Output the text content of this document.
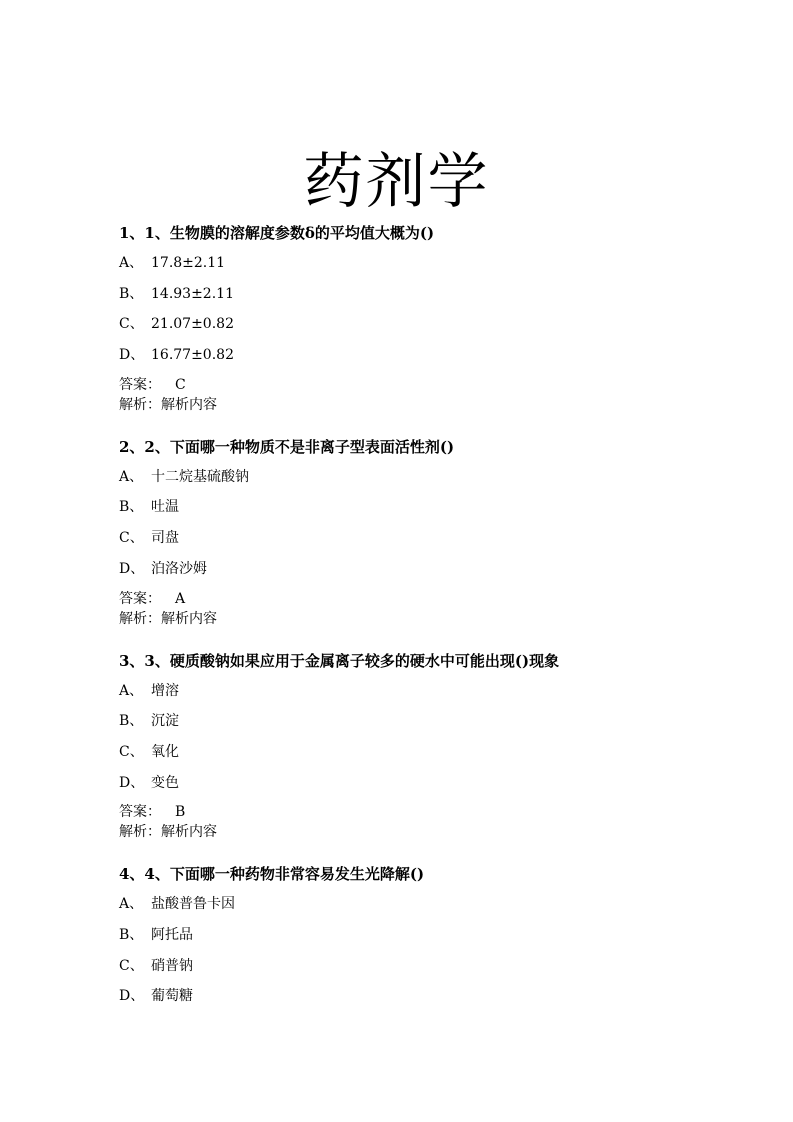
药剂学
1、1、生物膜的溶解度参数δ的平均值大概为()
A、 17.8±2.11
B、 14.93±2.11
C、 21.07±0.82
D、 16.77±0.82
答案： C
解析：解析内容
2、2、下面哪一种物质不是非离子型表面活性剂()
A、 十二烷基硫酸钠
B、 吐温
C、 司盘
D、 泊洛沙姆
答案： A
解析：解析内容
3、3、硬质酸钠如果应用于金属离子较多的硬水中可能出现()现象
A、 增溶
B、 沉淀
C、 氧化
D、 变色
答案： B
解析：解析内容
4、4、下面哪一种药物非常容易发生光降解()
A、 盐酸普鲁卡因
B、 阿托品
C、 硝普钠
D、 葡萄糖
